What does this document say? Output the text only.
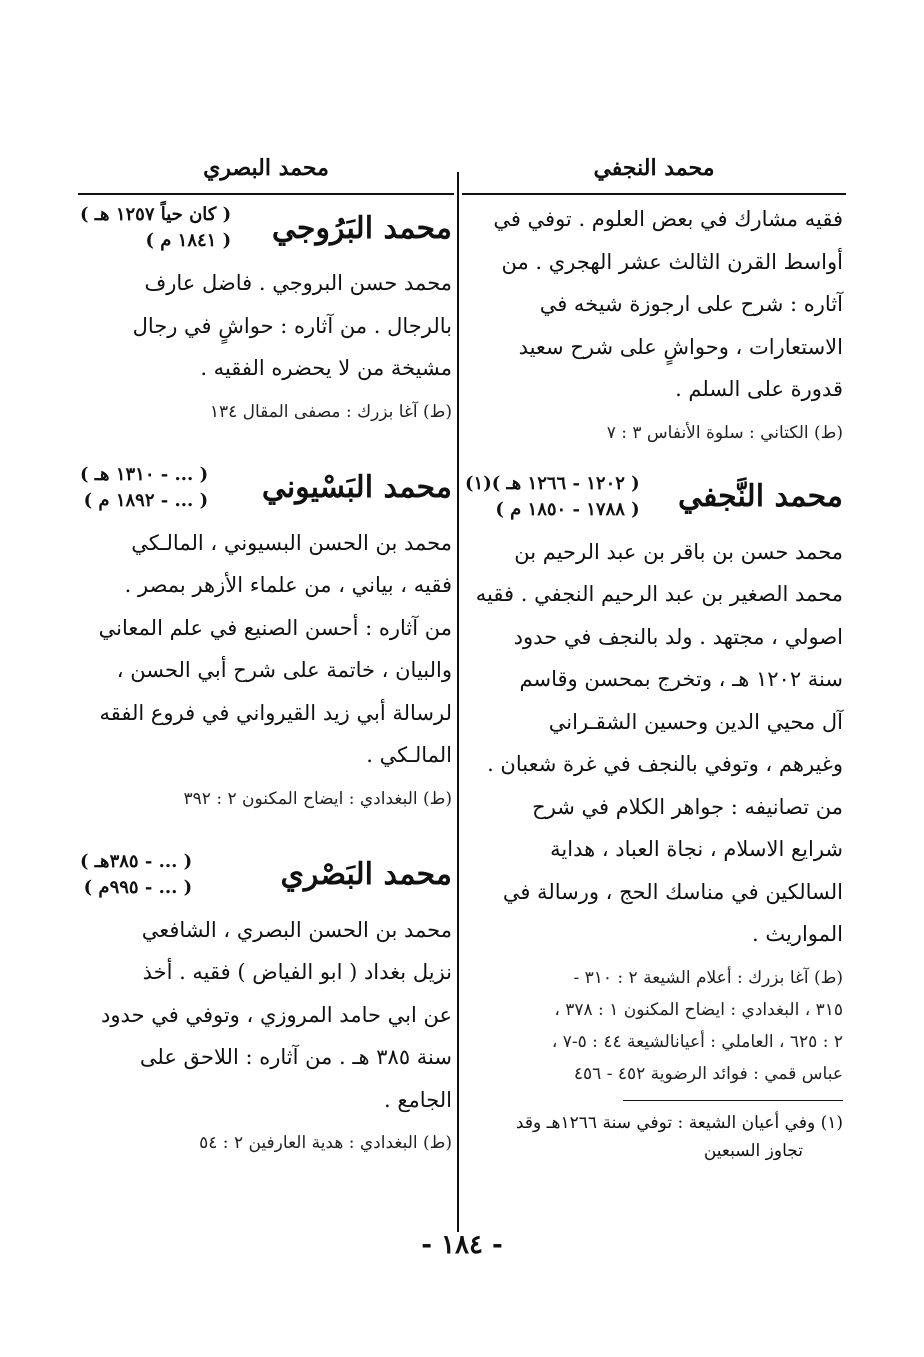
محمد النجفي

فقيه مشارك في بعض العلوم . توفي في

أواسط القرن الثالث عشر الهجري . من

آثاره : شرح على ارجوزة شيخه في

الاستعارات ، وحواشٍ على شرح سعيد

قدورة على السلم .

(ط) الكتاني : سلوة الأنفاس ٣ : ٧

محمد النَّجفي
( ١٢٠٢ - ١٢٦٦ هـ )(١)
( ١٧٨٨ - ١٨٥٠ م )

محمد حسن بن باقر بن عبد الرحيم بن

محمد الصغير بن عبد الرحيم النجفي . فقيه

اصولي ، مجتهد . ولد بالنجف في حدود

سنة ١٢٠٢ هـ ، وتخرج بمحسن وقاسم

آل محيي الدين وحسين الشقـراني

وغيرهم ، وتوفي بالنجف في غرة شعبان .

من تصانيفه : جواهر الكلام في شرح

شرايع الاسلام ، نجاة العباد ، هداية

السالكين في مناسك الحج ، ورسالة في

المواريث .

(ط) آغا بزرك : أعلام الشيعة ٢ : ٣١٠ -

٣١٥ ، البغدادي : ايضاح المكنون ١ : ٣٧٨ ،

٢ : ٦٢٥ ، العاملي : أعيانالشيعة ٤٤ : ٥-٧ ،

عباس قمي : فوائد الرضوية ٤٥٢ - ٤٥٦

(١) وفي أعيان الشيعة : توفي سنة ١٢٦٦هـ وقد
تجاوز السبعين
محمد البصري
محمد البَرُوجي
( كان حياً ١٢٥٧ هـ )
( ١٨٤١ م )

محمد حسن البروجي . فاضل عارف

بالرجال . من آثاره : حواشٍ في رجال

مشيخة من لا يحضره الفقيه .

(ط) آغا بزرك : مصفى المقال ١٣٤

محمد البَسْيوني
( ... - ١٣١٠ هـ )
( ... - ١٨٩٢ م )

محمد بن الحسن البسيوني ، المالـكي

فقيه ، بياني ، من علماء الأزهر بمصر .

من آثاره : أحسن الصنيع في علم المعاني

والبيان ، خاتمة على شرح أبي الحسن ،

لرسالة أبي زيد القيرواني في فروع الفقه

المالـكي .

(ط) البغدادي : ايضاح المكنون ٢ : ٣٩٢

محمد البَصْري
( ... - ٣٨٥هـ )
( ... - ٩٩٥م )

محمد بن الحسن البصري ، الشافعي

نزيل بغداد ( ابو الفياض ) فقيه . أخذ

عن ابي حامد المروزي ، وتوفي في حدود

سنة ٣٨٥ هـ . من آثاره : اللاحق على

الجامع .

(ط) البغدادي : هدية العارفين ٢ : ٥٤

- ١٨٤ -
